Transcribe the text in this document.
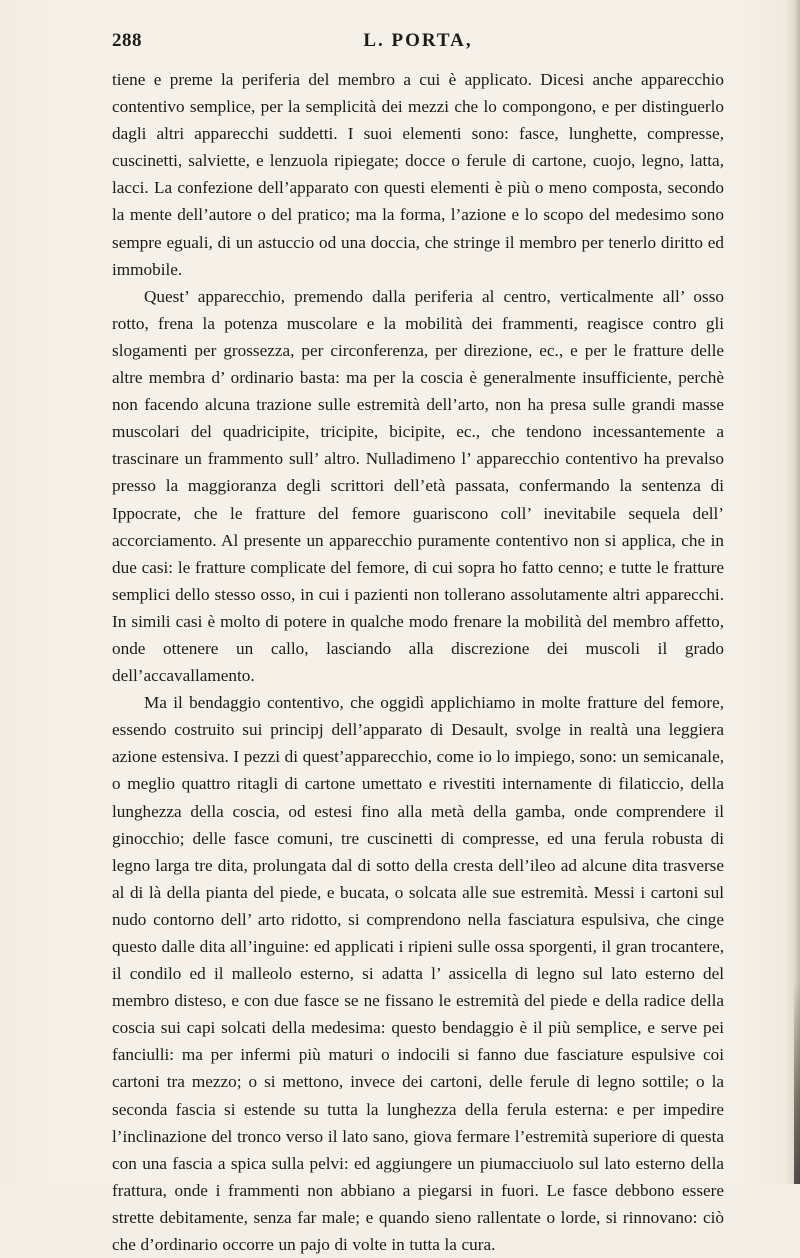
288	L. PORTA,

tiene e preme la periferia del membro a cui è applicato. Dicesi anche apparecchio contentivo semplice, per la semplicità dei mezzi che lo compongono, e per distinguerlo dagli altri apparecchi suddetti. I suoi elementi sono: fasce, lunghette, compresse, cuscinetti, salviette, e lenzuola ripiegate; docce o ferule di cartone, cuojo, legno, latta, lacci. La confezione dell’apparato con questi elementi è più o meno composta, secondo la mente dell’autore o del pratico; ma la forma, l’azione e lo scopo del medesimo sono sempre eguali, di un astuccio od una doccia, che stringe il membro per tenerlo diritto ed immobile.

Quest’ apparecchio, premendo dalla periferia al centro, verticalmente all’ osso rotto, frena la potenza muscolare e la mobilità dei frammenti, reagisce contro gli slogamenti per grossezza, per circonferenza, per direzione, ec., e per le fratture delle altre membra d’ ordinario basta: ma per la coscia è generalmente insufficiente, perchè non facendo alcuna trazione sulle estremità dell’arto, non ha presa sulle grandi masse muscolari del quadricipite, tricipite, bicipite, ec., che tendono incessantemente a trascinare un frammento sull’ altro. Nulladimeno l’ apparecchio contentivo ha prevalso presso la maggioranza degli scrittori dell’età passata, confermando la sentenza di Ippocrate, che le fratture del femore guariscono coll’ inevitabile sequela dell’ accorciamento. Al presente un apparecchio puramente contentivo non si applica, che in due casi: le fratture complicate del femore, di cui sopra ho fatto cenno; e tutte le fratture semplici dello stesso osso, in cui i pazienti non tollerano assolutamente altri apparecchi. In simili casi è molto di potere in qualche modo frenare la mobilità del membro affetto, onde ottenere un callo, lasciando alla discrezione dei muscoli il grado dell’accavallamento.

Ma il bendaggio contentivo, che oggidì applichiamo in molte fratture del femore, essendo costruito sui principj dell’apparato di Desault, svolge in realtà una leggiera azione estensiva. I pezzi di quest’apparecchio, come io lo impiego, sono: un semicanale, o meglio quattro ritagli di cartone umettato e rivestiti internamente di filaticcio, della lunghezza della coscia, od estesi fino alla metà della gamba, onde comprendere il ginocchio; delle fasce comuni, tre cuscinetti di compresse, ed una ferula robusta di legno larga tre dita, prolungata dal di sotto della cresta dell’ileo ad alcune dita trasverse al di là della pianta del piede, e bucata, o solcata alle sue estremità. Messi i cartoni sul nudo contorno dell’ arto ridotto, si comprendono nella fasciatura espulsiva, che cinge questo dalle dita all’inguine: ed applicati i ripieni sulle ossa sporgenti, il gran trocantere, il condilo ed il malleolo esterno, si adatta l’ assicella di legno sul lato esterno del membro disteso, e con due fasce se ne fissano le estremità del piede e della radice della coscia sui capi solcati della medesima: questo bendaggio è il più semplice, e serve pei fanciulli: ma per infermi più maturi o indocili si fanno due fasciature espulsive coi cartoni tra mezzo; o si mettono, invece dei cartoni, delle ferule di legno sottile; o la seconda fascia si estende su tutta la lunghezza della ferula esterna: e per impedire l’inclinazione del tronco verso il lato sano, giova fermare l’estremità superiore di questa con una fascia a spica sulla pelvi: ed aggiungere un piumacciuolo sul lato esterno della frattura, onde i frammenti non abbiano a piegarsi in fuori. Le fasce debbono essere strette debitamente, senza far male; e quando sieno rallentate o lorde, si rinnovano: ciò che d’ordinario occorre un pajo di volte in tutta la cura.
